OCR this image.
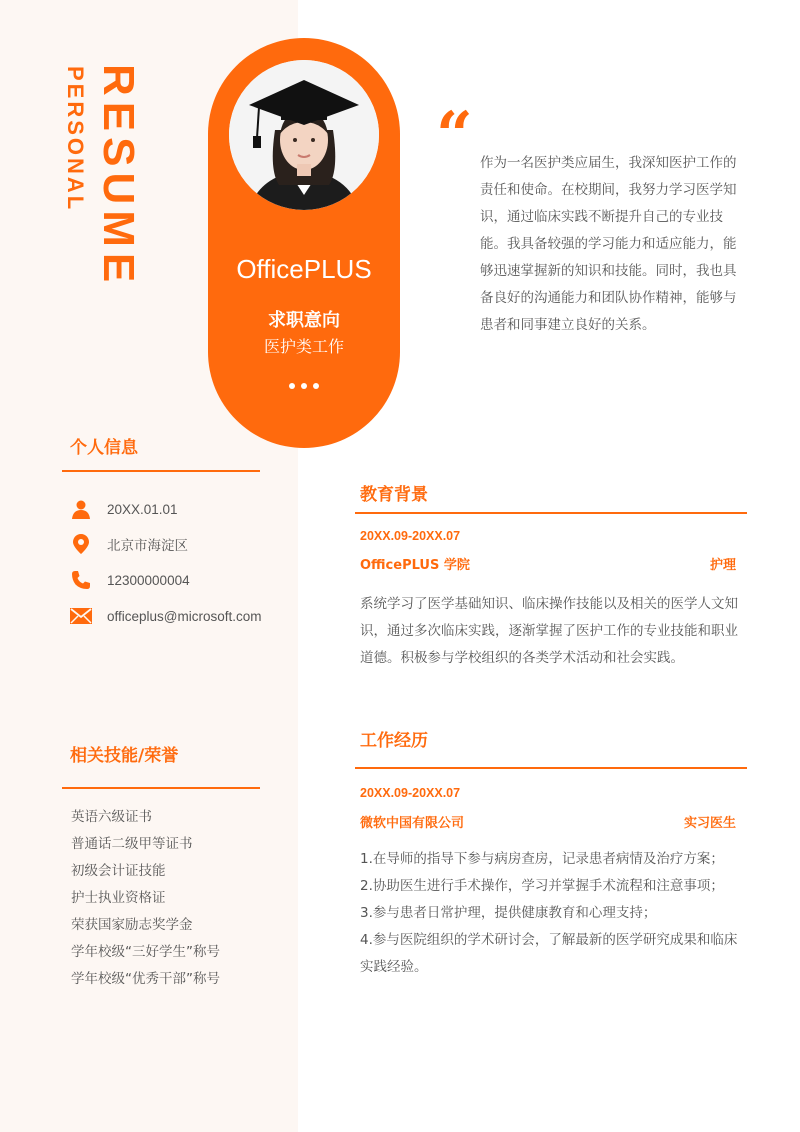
RESUME
PERSONAL
OfficePLUS
求职意向
医护类工作
“ 作为一名医护类应届生，我深知医护工作的责任和使命。在校期间，我努力学习医学知识，通过临床实践不断提升自己的专业技能。我具备较强的学习能力和适应能力，能够迅速掌握新的知识和技能。同时，我也具备良好的沟通能力和团队协作精神，能够与患者和同事建立良好的关系。
个人信息
20XX.01.01
北京市海淀区
12300000004
officeplus@microsoft.com
相关技能/荣誉
英语六级证书
普通话二级甲等证书
初级会计证技能
护士执业资格证
荣获国家励志奖学金
学年校级“三好学生”称号
学年校级“优秀干部”称号
教育背景
20XX.09-20XX.07
OfficePLUS 学院	护理
系统学习了医学基础知识、临床操作技能以及相关的医学人文知识，通过多次临床实践，逐渐掌握了医护工作的专业技能和职业道德。积极参与学校组织的各类学术活动和社会实践。
工作经历
20XX.09-20XX.07
微软中国有限公司	实习医生
1.在导师的指导下参与病房查房，记录患者病情及治疗方案；
2.协助医生进行手术操作，学习并掌握手术流程和注意事项；
3.参与患者日常护理，提供健康教育和心理支持；
4.参与医院组织的学术研讨会，了解最新的医学研究成果和临床实践经验。
